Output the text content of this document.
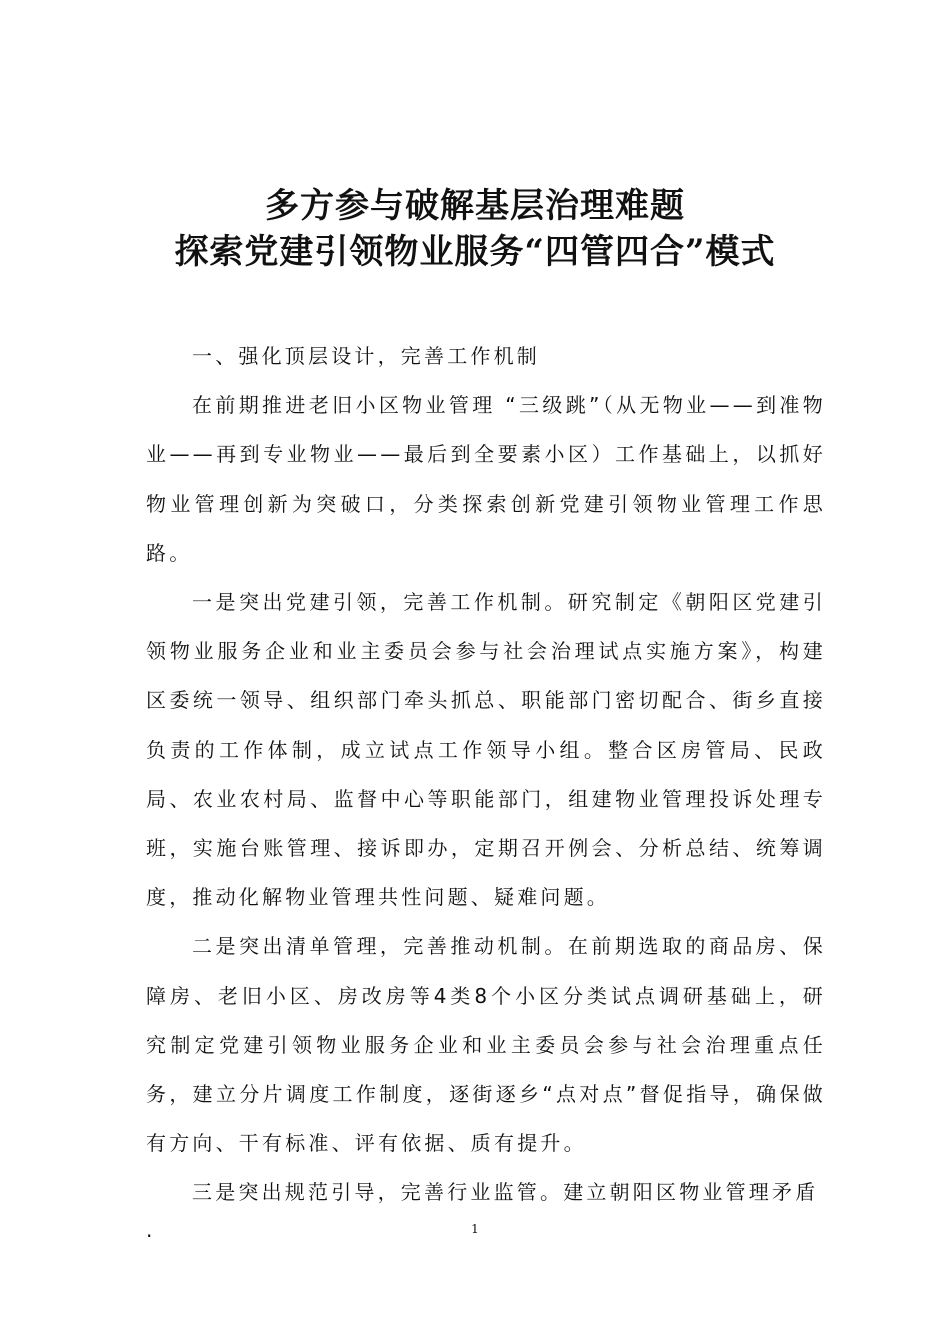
多方参与破解基层治理难题
探索党建引领物业服务“四管四合”模式

一、强化顶层设计，完善工作机制

在前期推进老旧小区物业管理 “三级跳”（从无物业——到准物业——再到专业物业——最后到全要素小区）工作基础上，以抓好物业管理创新为突破口，分类探索创新党建引领物业管理工作思路。

一是突出党建引领，完善工作机制。研究制定《朝阳区党建引领物业服务企业和业主委员会参与社会治理试点实施方案》，构建区委统一领导、组织部门牵头抓总、职能部门密切配合、街乡直接负责的工作体制，成立试点工作领导小组。整合区房管局、民政局、农业农村局、监督中心等职能部门，组建物业管理投诉处理专班，实施台账管理、接诉即办，定期召开例会、分析总结、统筹调度，推动化解物业管理共性问题、疑难问题。

二是突出清单管理，完善推动机制。在前期选取的商品房、保障房、老旧小区、房改房等4类8个小区分类试点调研基础上，研究制定党建引领物业服务企业和业主委员会参与社会治理重点任务，建立分片调度工作制度，逐街逐乡“点对点”督促指导，确保做有方向、干有标准、评有依据、质有提升。

三是突出规范引导，完善行业监管。建立朝阳区物业管理矛盾

.	1
